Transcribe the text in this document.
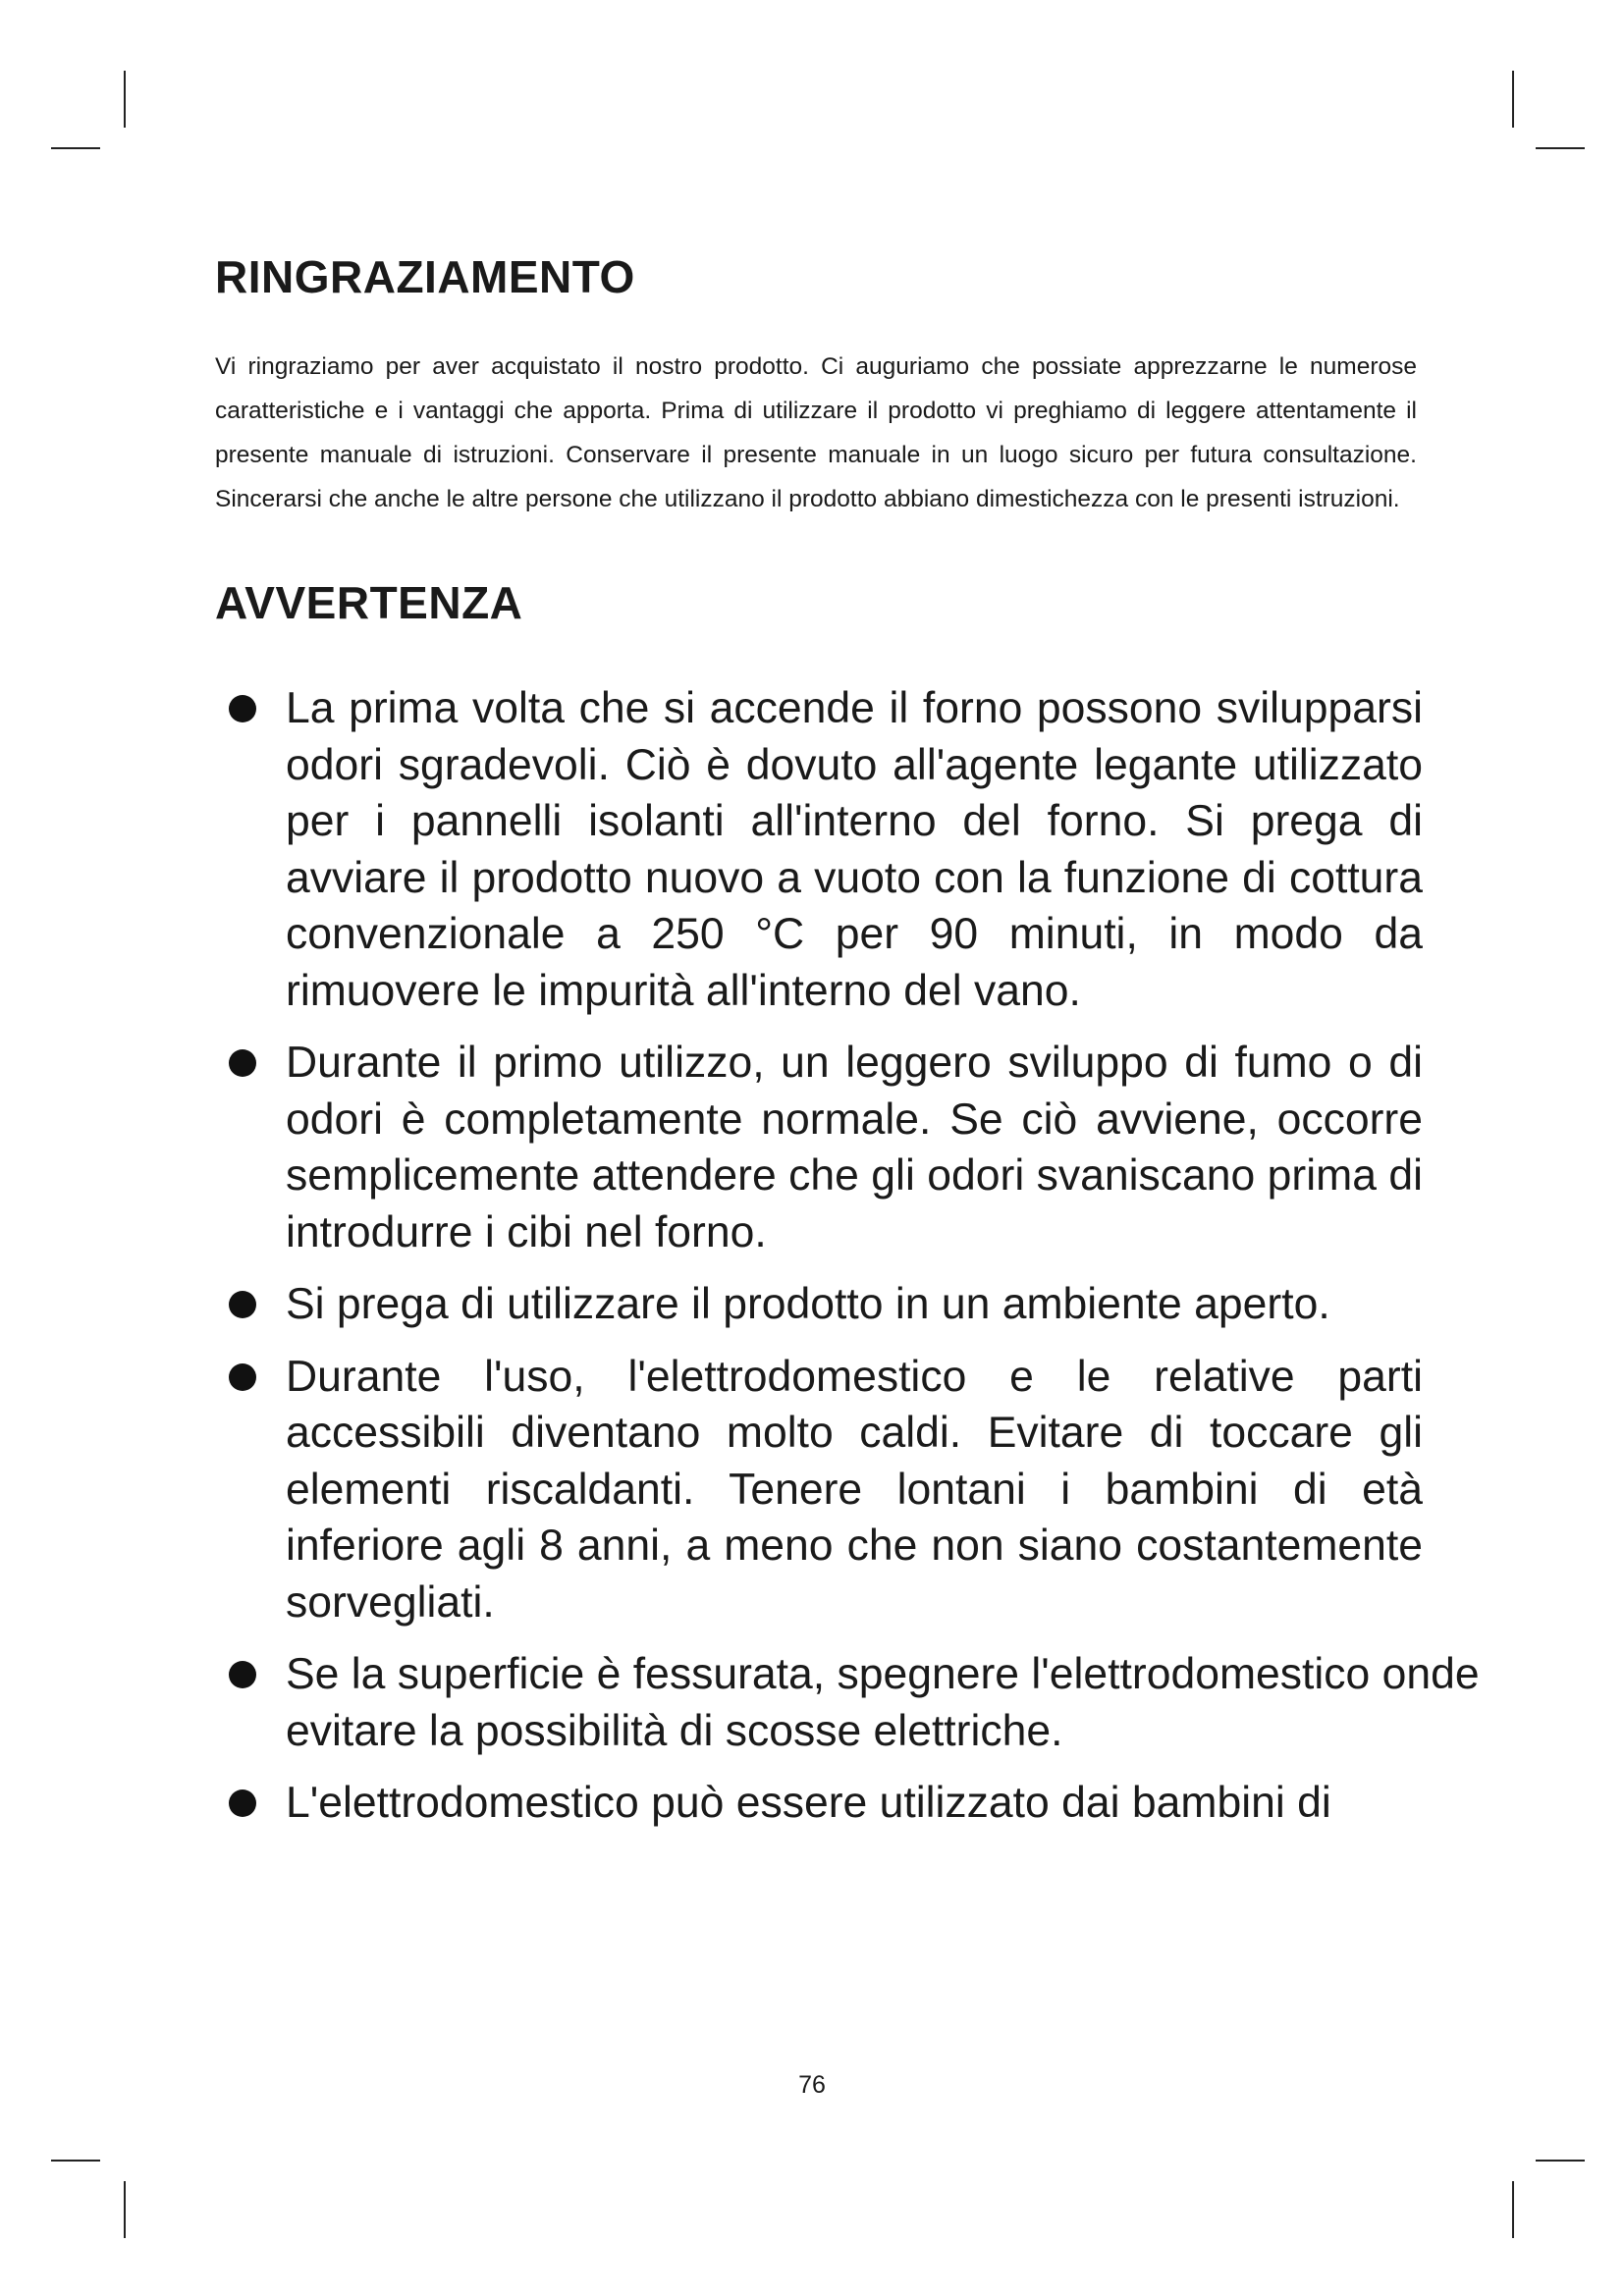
RINGRAZIAMENTO

Vi ringraziamo per aver acquistato il nostro prodotto. Ci auguriamo che possiate apprezzarne le numerose caratteristiche e i vantaggi che apporta. Prima di utilizzare il prodotto vi preghiamo di leggere attentamente il presente manuale di istruzioni. Conservare il presente manuale in un luogo sicuro per futura consultazione. Sincerarsi che anche le altre persone che utilizzano il prodotto abbiano dimestichezza con le presenti istruzioni.

AVVERTENZA
La prima volta che si accende il forno possono svilupparsi odori sgradevoli. Ciò è dovuto all'agente legante utilizzato per i pannelli isolanti all'interno del forno. Si prega di avviare il prodotto nuovo a vuoto con la funzione di cottura convenzionale a 250 °C per 90 minuti, in modo da rimuovere le impurità all'interno del vano.
Durante il primo utilizzo, un leggero sviluppo di fumo o di odori è completamente normale. Se ciò avviene, occorre semplicemente attendere che gli odori svaniscano prima di introdurre i cibi nel forno.
Si prega di utilizzare il prodotto in un ambiente aperto.
Durante l'uso, l'elettrodomestico e le relative parti accessibili diventano molto caldi. Evitare di toccare gli elementi riscaldanti. Tenere lontani i bambini di età inferiore agli 8 anni, a meno che non siano costantemente sorvegliati.
Se la superficie è fessurata, spegnere l'elettrodomestico onde evitare la possibilità di scosse elettriche.
L'elettrodomestico può essere utilizzato dai bambini di
76
